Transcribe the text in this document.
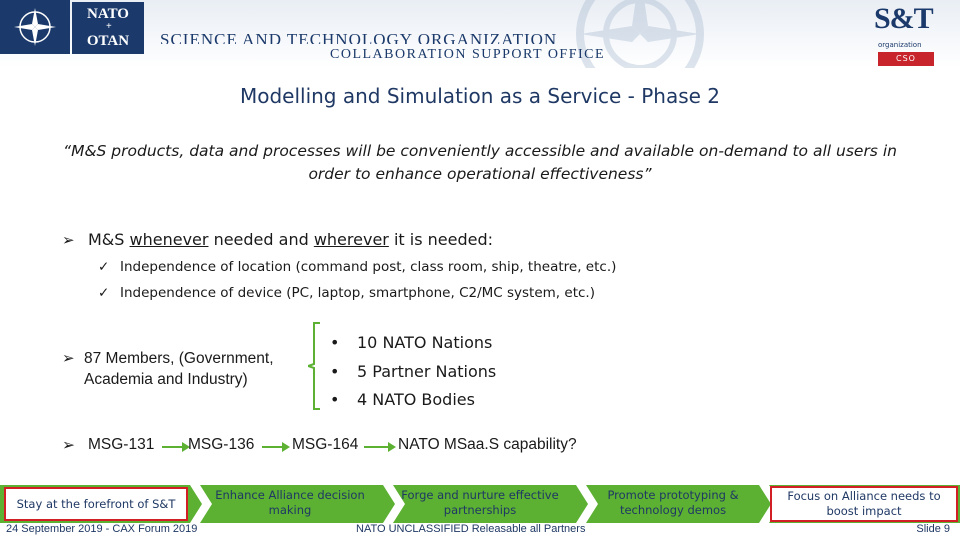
NATO
+
OTAN	SCIENCE AND TECHNOLOGY ORGANIZATION
COLLABORATION SUPPORT OFFICE
S&T
organization
CSO
Modelling and Simulation as a Service - Phase 2
“M&S products, data and processes will be conveniently accessible and available on-demand to all users in
order to enhance operational effectiveness”
➢ M&S whenever needed and wherever it is needed:
✓ Independence of location (command post, class room, ship, theatre, etc.)
✓ Independence of device (PC, laptop, smartphone, C2/MC system, etc.)
➢ 87 Members, (Government,
Academia and Industry)
• 10 NATO Nations
• 5 Partner Nations
• 4 NATO Bodies
➢ MSG-131 MSG-136 MSG-164	NATO MSaa.S capability?
Stay at the forefront of S&T
Enhance Alliance decision making
Forge and nurture effective partnerships
Promote prototyping & technology demos
Focus on Alliance needs to boost impact
24 September 2019 - CAX Forum 2019	NATO UNCLASSIFIED Releasable all Partners	Slide 9
